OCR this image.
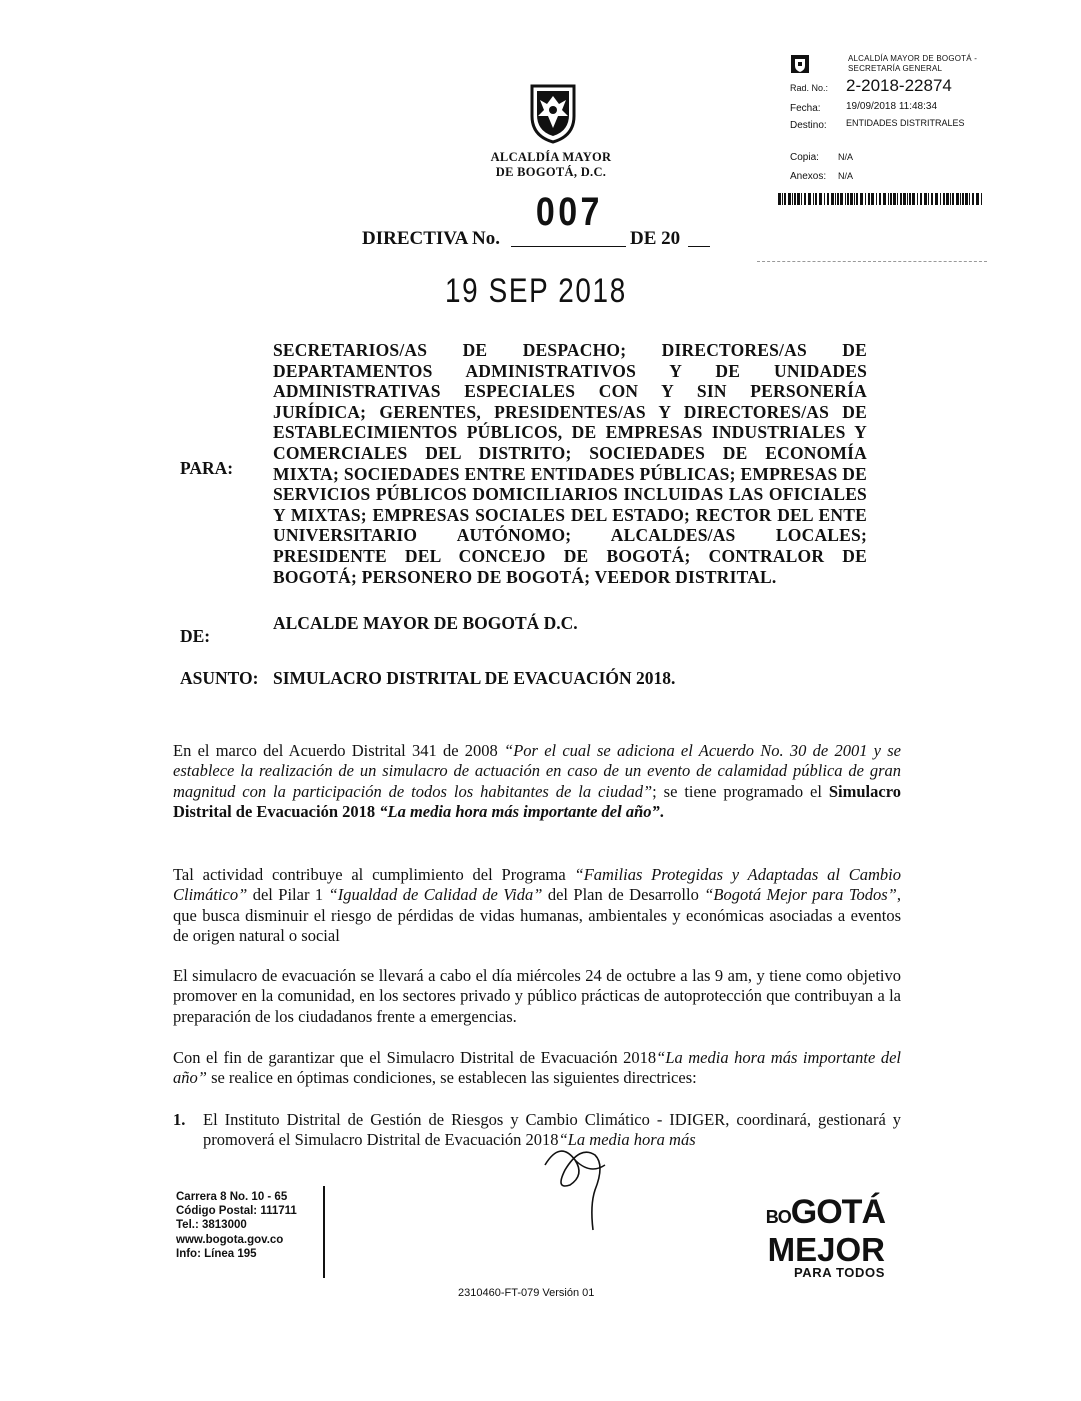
ALCALDÍA MAYOR
DE BOGOTÁ, D.C.
ALCALDÍA MAYOR DE BOGOTÁ -
SECRETARÍA GENERAL
Rad. No.: 2-2018-22874
Fecha:	19/09/2018 11:48:34
Destino: ENTIDADES DISTRITRALES
Copia: N/A
Anexos: N/A
DIRECTIVA No.
007
DE 20
19 SEP 2018
PARA:
SECRETARIOS/AS DE DESPACHO; DIRECTORES/AS DE DEPARTAMENTOS ADMINISTRATIVOS Y DE UNIDADES ADMINISTRATIVAS ESPECIALES CON Y SIN PERSONERÍA JURÍDICA; GERENTES, PRESIDENTES/AS Y DIRECTORES/AS DE ESTABLECIMIENTOS PÚBLICOS, DE EMPRESAS INDUSTRIALES Y COMERCIALES DEL DISTRITO; SOCIEDADES DE ECONOMÍA MIXTA; SOCIEDADES ENTRE ENTIDADES PÚBLICAS; EMPRESAS DE SERVICIOS PÚBLICOS DOMICILIARIOS INCLUIDAS LAS OFICIALES Y MIXTAS; EMPRESAS SOCIALES DEL ESTADO; RECTOR DEL ENTE UNIVERSITARIO AUTÓNOMO; ALCALDES/AS LOCALES; PRESIDENTE DEL CONCEJO DE BOGOTÁ; CONTRALOR DE BOGOTÁ; PERSONERO DE BOGOTÁ; VEEDOR DISTRITAL.
DE:
ALCALDE MAYOR DE BOGOTÁ D.C.
ASUNTO: SIMULACRO DISTRITAL DE EVACUACIÓN 2018.
En el marco del Acuerdo Distrital 341 de 2008 “Por el cual se adiciona el Acuerdo No. 30 de 2001 y se establece la realización de un simulacro de actuación en caso de un evento de calamidad pública de gran magnitud con la participación de todos los habitantes de la ciudad”; se tiene programado el Simulacro Distrital de Evacuación 2018 “La media hora más importante del año”.
Tal actividad contribuye al cumplimiento del Programa “Familias Protegidas y Adaptadas al Cambio Climático” del Pilar 1 “Igualdad de Calidad de Vida” del Plan de Desarrollo “Bogotá Mejor para Todos”, que busca disminuir el riesgo de pérdidas de vidas humanas, ambientales y económicas asociadas a eventos de origen natural o social
El simulacro de evacuación se llevará a cabo el día miércoles 24 de octubre a las 9 am, y tiene como objetivo promover en la comunidad, en los sectores privado y público prácticas de autoprotección que contribuyan a la preparación de los ciudadanos frente a emergencias.
Con el fin de garantizar que el Simulacro Distrital de Evacuación 2018“La media hora más importante del año” se realice en óptimas condiciones, se establecen las siguientes directrices:
1. El Instituto Distrital de Gestión de Riesgos y Cambio Climático - IDIGER, coordinará, gestionará y promoverá el Simulacro Distrital de Evacuación 2018“La media hora más
Carrera 8 No. 10 - 65
Código Postal: 111711
Tel.: 3813000
www.bogota.gov.co
Info: Línea 195
BOGOTÁ
MEJOR
PARA TODOS
2310460-FT-079 Versión 01
